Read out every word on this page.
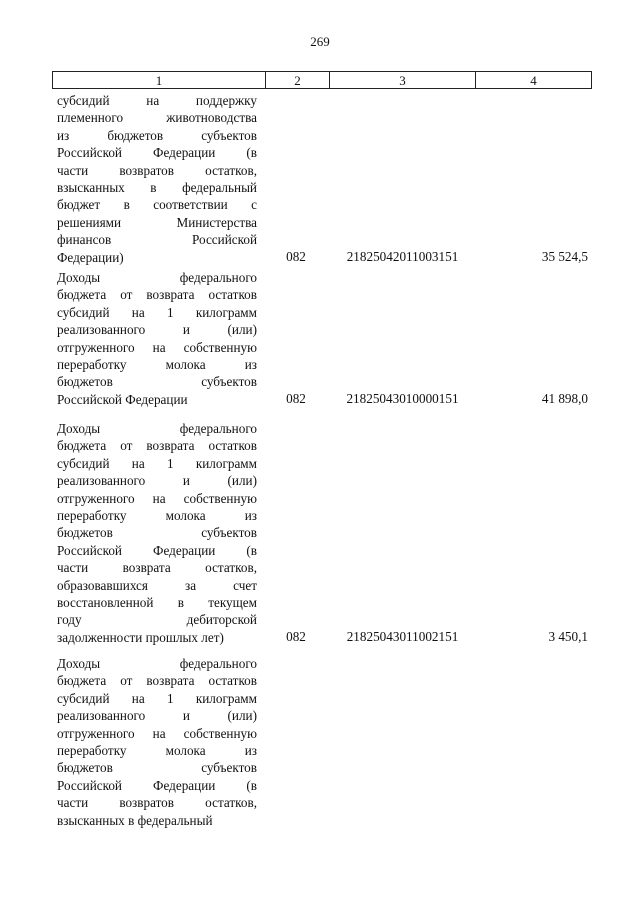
269
1	2	3	4
субсидий на поддержку
племенного животноводства
из бюджетов субъектов
Российской Федерации (в
части возвратов остатков,
взысканных в федеральный
бюджет в соответствии с
решениями Министерства
финансов Российской
Федерации)	082	21825042011003151	35 524,5
Доходы федерального
бюджета от возврата остатков
субсидий на 1 килограмм
реализованного и (или)
отгруженного на собственную
переработку молока из
бюджетов субъектов
Российской Федерации	082	21825043010000151	41 898,0
Доходы федерального
бюджета от возврата остатков
субсидий на 1 килограмм
реализованного и (или)
отгруженного на собственную
переработку молока из
бюджетов субъектов
Российской Федерации (в
части возврата остатков,
образовавшихся за счет
восстановленной в текущем
году дебиторской
задолженности прошлых лет)	082	21825043011002151	3 450,1
Доходы федерального
бюджета от возврата остатков
субсидий на 1 килограмм
реализованного и (или)
отгруженного на собственную
переработку молока из
бюджетов субъектов
Российской Федерации (в
части возвратов остатков,
взысканных в федеральный
